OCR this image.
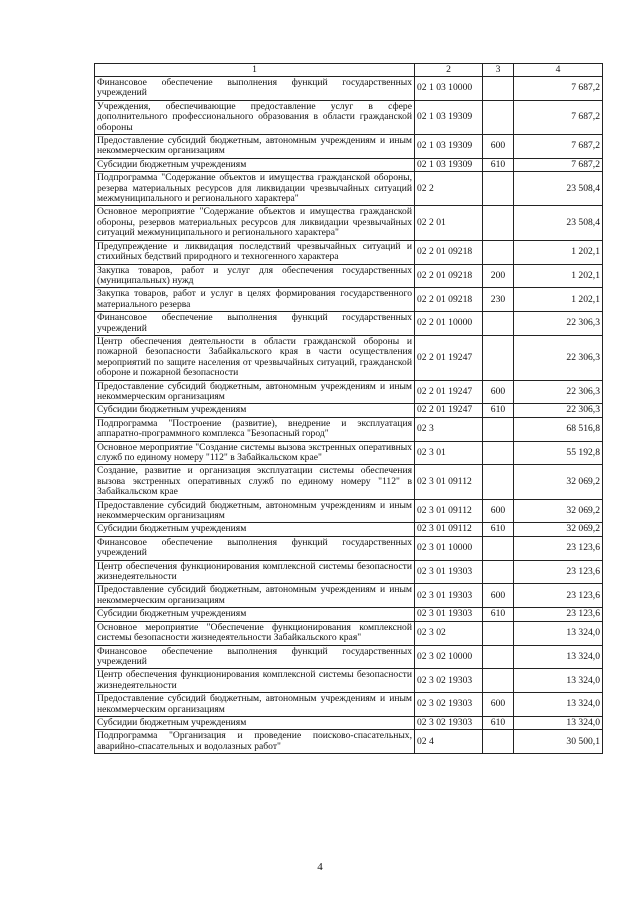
1	2	3	4
Финансовое обеспечение выполнения функций государственных учреждений	02 1 03 10000		7 687,2
Учреждения, обеспечивающие предоставление услуг в сфере дополнительного профессионального образования в области гражданской обороны	02 1 03 19309		7 687,2
Предоставление субсидий бюджетным, автономным учреждениям и иным некоммерческим организациям	02 1 03 19309	600	7 687,2
Субсидии бюджетным учреждениям	02 1 03 19309	610	7 687,2
Подпрограмма "Содержание объектов и имущества гражданской обороны, резерва материальных ресурсов для ликвидации чрезвычайных ситуаций межмуниципального и регионального характера"	02 2		23 508,4
Основное мероприятие "Содержание объектов и имущества гражданской обороны, резервов материальных ресурсов для ликвидации чрезвычайных ситуаций межмуниципального и регионального характера"	02 2 01		23 508,4
Предупреждение и ликвидация последствий чрезвычайных ситуаций и стихийных бедствий природного и техногенного характера	02 2 01 09218		1 202,1
Закупка товаров, работ и услуг для обеспечения государственных (муниципальных) нужд	02 2 01 09218	200	1 202,1
Закупка товаров, работ и услуг в целях формирования государственного материального резерва	02 2 01 09218	230	1 202,1
Финансовое обеспечение выполнения функций государственных учреждений	02 2 01 10000		22 306,3
Центр обеспечения деятельности в области гражданской обороны и пожарной безопасности Забайкальского края в части осуществления мероприятий по защите населения от чрезвычайных ситуаций, гражданской обороне и пожарной безопасности	02 2 01 19247		22 306,3
Предоставление субсидий бюджетным, автономным учреждениям и иным некоммерческим организациям	02 2 01 19247	600	22 306,3
Субсидии бюджетным учреждениям	02 2 01 19247	610	22 306,3
Подпрограмма "Построение (развитие), внедрение и эксплуатация аппаратно-программного комплекса "Безопасный город"	02 3		68 516,8
Основное мероприятие "Создание системы вызова экстренных оперативных служб по единому номеру "112" в Забайкальском крае"	02 3 01		55 192,8
Создание, развитие и организация эксплуатации системы обеспечения вызова экстренных оперативных служб по единому номеру "112" в Забайкальском крае	02 3 01 09112		32 069,2
Предоставление субсидий бюджетным, автономным учреждениям и иным некоммерческим организациям	02 3 01 09112	600	32 069,2
Субсидии бюджетным учреждениям	02 3 01 09112	610	32 069,2
Финансовое обеспечение выполнения функций государственных учреждений	02 3 01 10000		23 123,6
Центр обеспечения функционирования комплексной системы безопасности жизнедеятельности	02 3 01 19303		23 123,6
Предоставление субсидий бюджетным, автономным учреждениям и иным некоммерческим организациям	02 3 01 19303	600	23 123,6
Субсидии бюджетным учреждениям	02 3 01 19303	610	23 123,6
Основное мероприятие "Обеспечение функционирования комплексной системы безопасности жизнедеятельности Забайкальского края"	02 3 02		13 324,0
Финансовое обеспечение выполнения функций государственных учреждений	02 3 02 10000		13 324,0
Центр обеспечения функционирования комплексной системы безопасности жизнедеятельности	02 3 02 19303		13 324,0
Предоставление субсидий бюджетным, автономным учреждениям и иным некоммерческим организациям	02 3 02 19303	600	13 324,0
Субсидии бюджетным учреждениям	02 3 02 19303	610	13 324,0
Подпрограмма "Организация и проведение поисково-спасательных, аварийно-спасательных и водолазных работ"	02 4		30 500,1
4
